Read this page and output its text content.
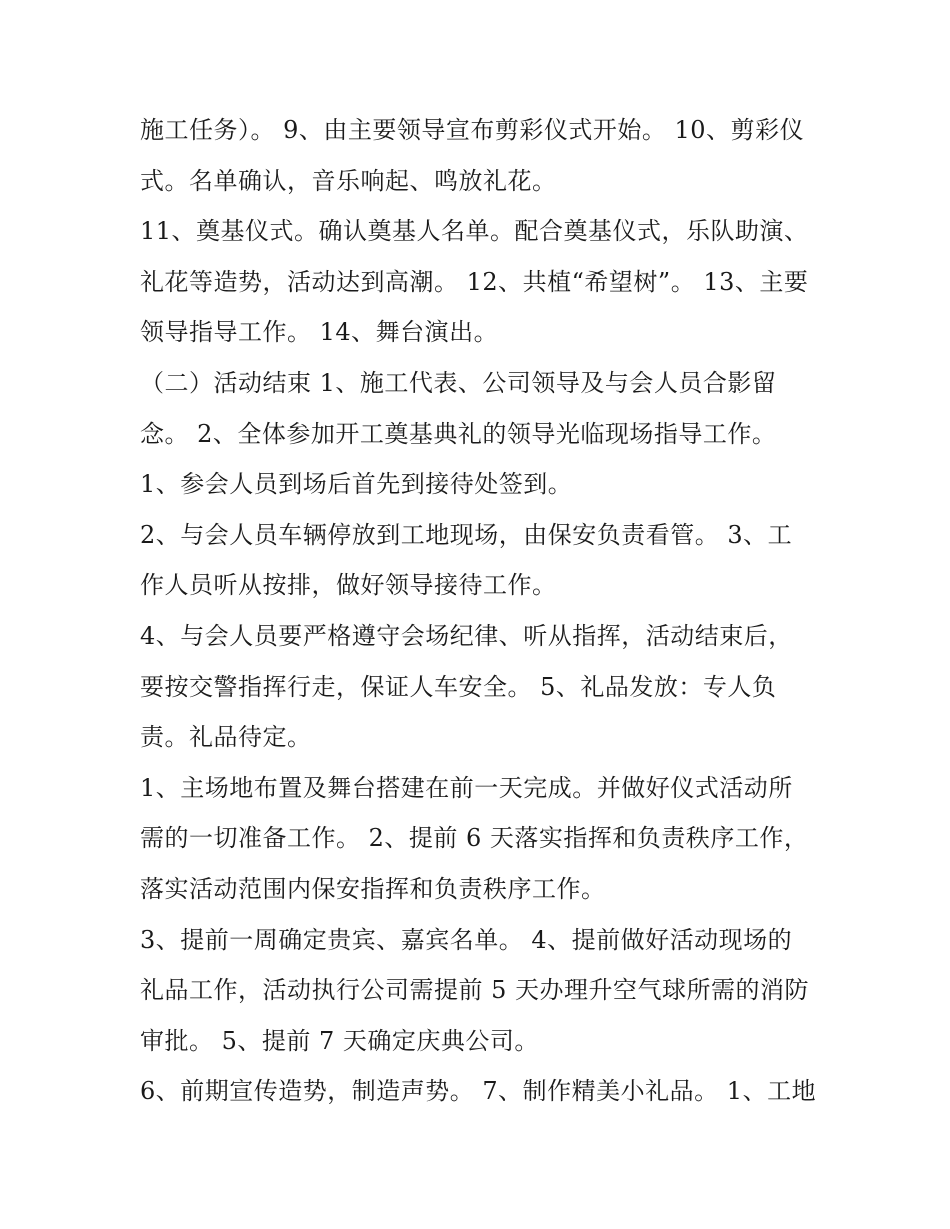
施工任务）。 9、由主要领导宣布剪彩仪式开始。 10、剪彩仪
式。名单确认，音乐响起、鸣放礼花。
11、奠基仪式。确认奠基人名单。配合奠基仪式，乐队助演、
礼花等造势，活动达到高潮。 12、共植“希望树”。 13、主要
领导指导工作。 14、舞台演出。
（二）活动结束 1、施工代表、公司领导及与会人员合影留
念。 2、全体参加开工奠基典礼的领导光临现场指导工作。
1、参会人员到场后首先到接待处签到。
2、与会人员车辆停放到工地现场，由保安负责看管。 3、工
作人员听从按排，做好领导接待工作。
4、与会人员要严格遵守会场纪律、听从指挥，活动结束后，
要按交警指挥行走，保证人车安全。 5、礼品发放：专人负
责。礼品待定。
1、主场地布置及舞台搭建在前一天完成。并做好仪式活动所
需的一切准备工作。 2、提前 6 天落实指挥和负责秩序工作，
落实活动范围内保安指挥和负责秩序工作。
3、提前一周确定贵宾、嘉宾名单。 4、提前做好活动现场的
礼品工作，活动执行公司需提前 5 天办理升空气球所需的消防
审批。 5、提前 7 天确定庆典公司。
6、前期宣传造势，制造声势。 7、制作精美小礼品。 1、工地
